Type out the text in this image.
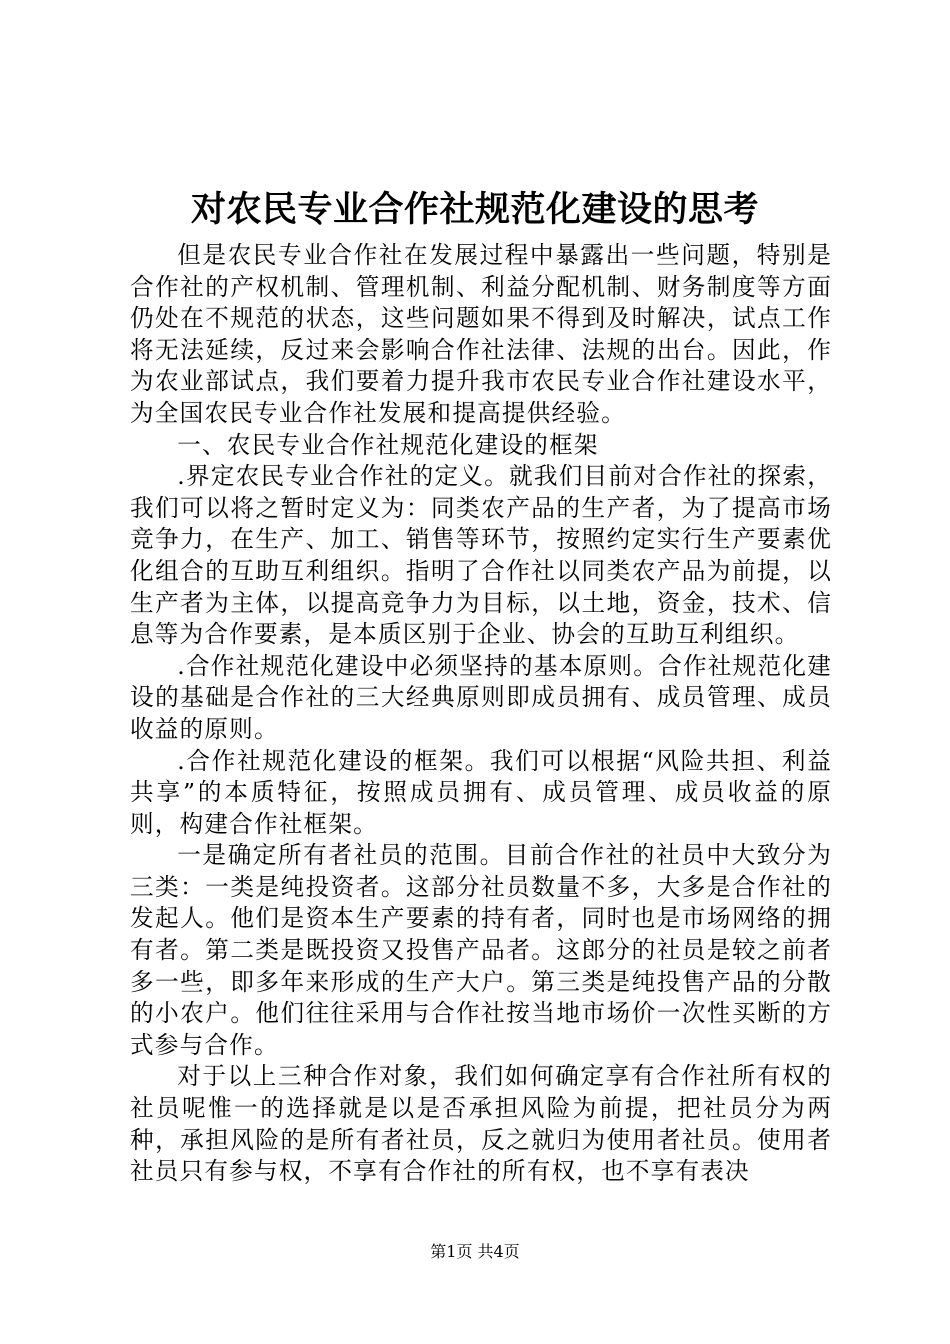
对农民专业合作社规范化建设的思考

但是农民专业合作社在发展过程中暴露出一些问题，特别是合作社的产权机制、管理机制、利益分配机制、财务制度等方面仍处在不规范的状态，这些问题如果不得到及时解决，试点工作将无法延续，反过来会影响合作社法律、法规的出台。因此，作为农业部试点，我们要着力提升我市农民专业合作社建设水平，为全国农民专业合作社发展和提高提供经验。

一、农民专业合作社规范化建设的框架

.界定农民专业合作社的定义。就我们目前对合作社的探索，我们可以将之暂时定义为：同类农产品的生产者，为了提高市场竞争力，在生产、加工、销售等环节，按照约定实行生产要素优化组合的互助互利组织。指明了合作社以同类农产品为前提，以生产者为主体，以提高竞争力为目标，以土地，资金，技术、信息等为合作要素，是本质区别于企业、协会的互助互利组织。

.合作社规范化建设中必须坚持的基本原则。合作社规范化建设的基础是合作社的三大经典原则即成员拥有、成员管理、成员收益的原则。

.合作社规范化建设的框架。我们可以根据“风险共担、利益共享”的本质特征，按照成员拥有、成员管理、成员收益的原则，构建合作社框架。

一是确定所有者社员的范围。目前合作社的社员中大致分为三类：一类是纯投资者。这部分社员数量不多，大多是合作社的发起人。他们是资本生产要素的持有者，同时也是市场网络的拥有者。第二类是既投资又投售产品者。这郎分的社员是较之前者多一些，即多年来形成的生产大户。第三类是纯投售产品的分散的小农户。他们往往采用与合作社按当地市场价一次性买断的方式参与合作。

对于以上三种合作对象，我们如何确定享有合作社所有权的社员呢惟一的选择就是以是否承担风险为前提，把社员分为两种，承担风险的是所有者社员，反之就归为使用者社员。使用者社员只有参与权，不享有合作社的所有权，也不享有表决

第1页 共4页
